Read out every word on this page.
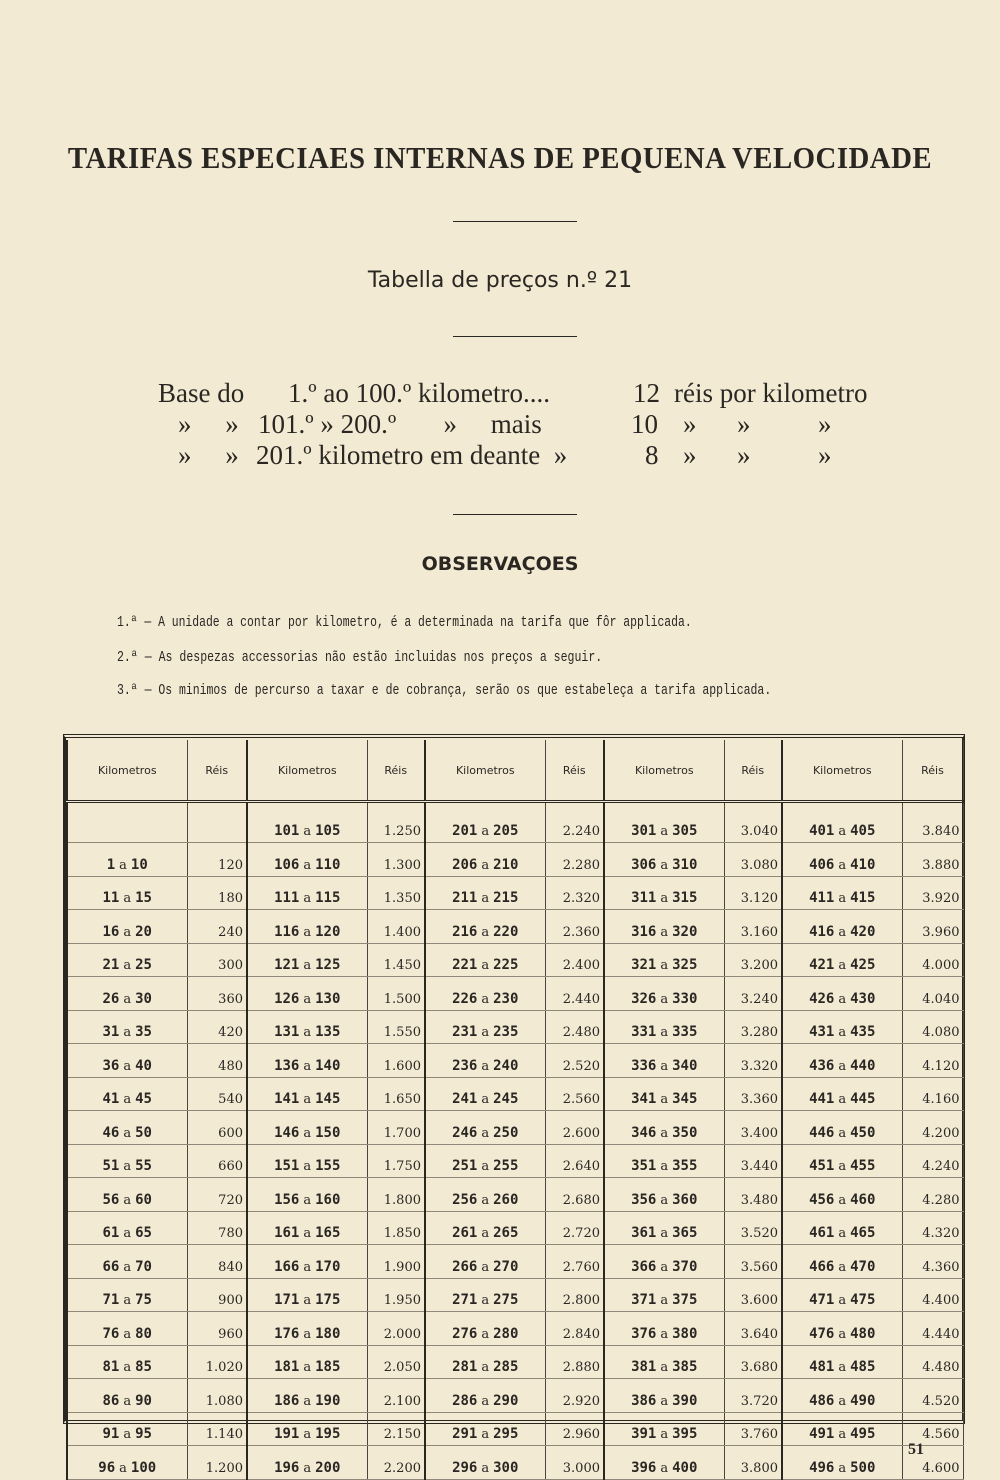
TARIFAS ESPECIAES INTERNAS DE PEQUENA VELOCIDADE
Tabella de preços n.º 21
Base do 1.º ao 100.º kilometro....	12 réis por kilometro
»     » 101.º » 200.º       »     mais	10 »      »          »
»     » 201.º kilometro em deante  »	8 »      »          »
OBSERVAÇOES
1.ª — A unidade a contar por kilometro, é a determinada na tarifa que fôr applicada.
2.ª — As despezas accessorias não estão incluidas nos preços a seguir.
3.ª — Os minimos de percurso a taxar e de cobrança, serão os que estabeleça a tarifa applicada.
Kilometros	Réis	Kilometros	Réis	Kilometros	Réis	Kilometros	Réis	Kilometros	Réis
		101 a 105	1.250	201 a 205	2.240	301 a 305	3.040	401 a 405	3.840
1 a 10	120	106 a 110	1.300	206 a 210	2.280	306 a 310	3.080	406 a 410	3.880
11 a 15	180	111 a 115	1.350	211 a 215	2.320	311 a 315	3.120	411 a 415	3.920
16 a 20	240	116 a 120	1.400	216 a 220	2.360	316 a 320	3.160	416 a 420	3.960
21 a 25	300	121 a 125	1.450	221 a 225	2.400	321 a 325	3.200	421 a 425	4.000
26 a 30	360	126 a 130	1.500	226 a 230	2.440	326 a 330	3.240	426 a 430	4.040
31 a 35	420	131 a 135	1.550	231 a 235	2.480	331 a 335	3.280	431 a 435	4.080
36 a 40	480	136 a 140	1.600	236 a 240	2.520	336 a 340	3.320	436 a 440	4.120
41 a 45	540	141 a 145	1.650	241 a 245	2.560	341 a 345	3.360	441 a 445	4.160
46 a 50	600	146 a 150	1.700	246 a 250	2.600	346 a 350	3.400	446 a 450	4.200
51 a 55	660	151 a 155	1.750	251 a 255	2.640	351 a 355	3.440	451 a 455	4.240
56 a 60	720	156 a 160	1.800	256 a 260	2.680	356 a 360	3.480	456 a 460	4.280
61 a 65	780	161 a 165	1.850	261 a 265	2.720	361 a 365	3.520	461 a 465	4.320
66 a 70	840	166 a 170	1.900	266 a 270	2.760	366 a 370	3.560	466 a 470	4.360
71 a 75	900	171 a 175	1.950	271 a 275	2.800	371 a 375	3.600	471 a 475	4.400
76 a 80	960	176 a 180	2.000	276 a 280	2.840	376 a 380	3.640	476 a 480	4.440
81 a 85	1.020	181 a 185	2.050	281 a 285	2.880	381 a 385	3.680	481 a 485	4.480
86 a 90	1.080	186 a 190	2.100	286 a 290	2.920	386 a 390	3.720	486 a 490	4.520
91 a 95	1.140	191 a 195	2.150	291 a 295	2.960	391 a 395	3.760	491 a 495	4.560
96 a 100	1.200	196 a 200	2.200	296 a 300	3.000	396 a 400	3.800	496 a 500	4.600
51
